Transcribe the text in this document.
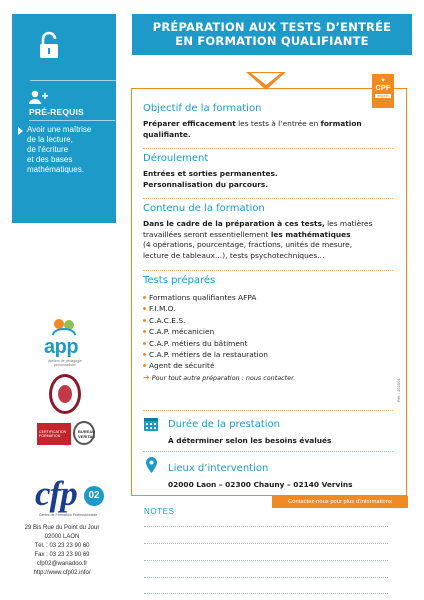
PRÉ-REQUIS
Avoir une maîtrise
de la lecture,
de l'écriture
et des bases
mathématiques.
app
Ateliers de pédagogie personnalisée
CERTIFICATION FORMATION
BUREAU VERITAS
cfp	02
Centre de Formation Professionnelle
29 Bis Rue du Point du Jour
02000 LAON
Tél. : 03 23 23 90 60
Fax : 03 23 23 90 69
cfp02@wanadoo.fr
http://www.cfp02.info/
PRÉPARATION AUX TESTS D’ENTRÉE
EN FORMATION QUALIFIANTE
✦
CPF
éligible
Objectif de la formation
Préparer efficacement les tests à l’entrée en formation
qualifiante.
Déroulement
Entrées et sorties permanentes.
Personnalisation du parcours.
Contenu de la formation
Dans le cadre de la préparation à ces tests, les matières
travaillées seront essentiellement les mathématiques
(4 opérations, pourcentage, fractions, unités de mesure,
lecture de tableaux…), tests psychotechniques…
Tests préparés
Formations qualifiantes AFPA
F.I.M.O.
C.A.C.E.S.
C.A.P. mécanicien
C.A.P. métiers du bâtiment
C.A.P. métiers de la restauration
Agent de sécurité
➜ Pour tout autre préparation : nous contacter.
Réf. : 2016/01
Durée de la prestation
À déterminer selon les besoins évalués
Lieux d’intervention
02000 Laon – 02300 Chauny – 02140 Vervins
Contactez-nous pour plus d’informations
NOTES
